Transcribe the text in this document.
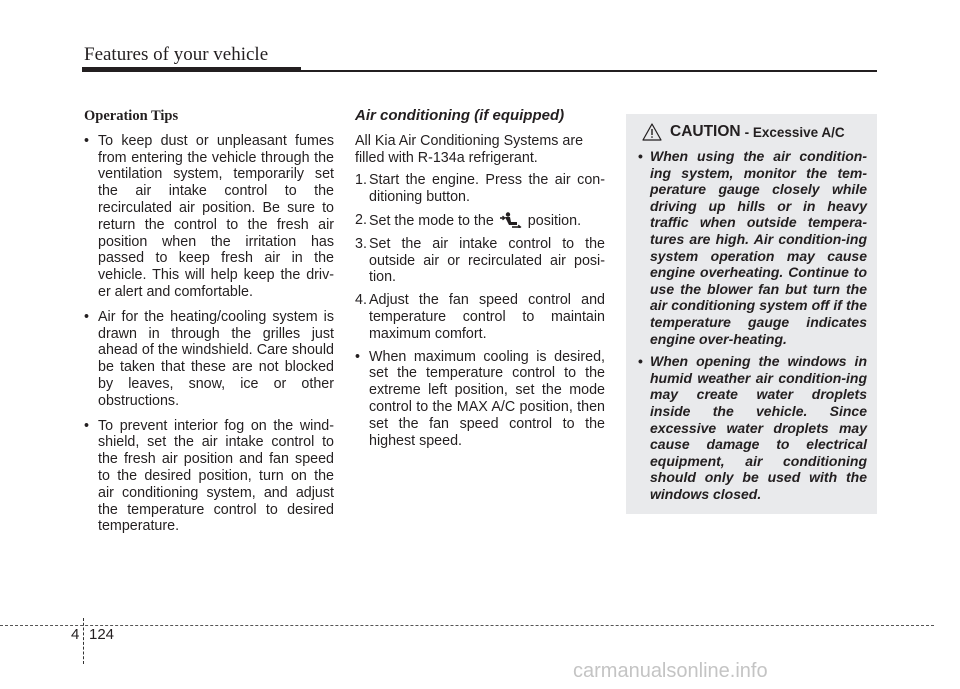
Features of your vehicle
Operation Tips
• To keep dust or unpleasant fumes from entering the vehicle through the ventilation system, temporarily set the air intake control to the recirculated air position. Be sure to return the control to the fresh air position when the irritation has passed to keep fresh air in the vehicle. This will help keep the driv-er alert and comfortable.
• Air for the heating/cooling system is drawn in through the grilles just ahead of the windshield. Care should be taken that these are not blocked by leaves, snow, ice or other obstructions.
• To prevent interior fog on the wind-shield, set the air intake control to the fresh air position and fan speed to the desired position, turn on the air conditioning system, and adjust the temperature control to desired temperature.
Air conditioning (if equipped)

All Kia Air Conditioning Systems are filled with R-134a refrigerant.

1. Start the engine. Press the air con-ditioning button.
2. Set the mode to the position.
3. Set the air intake control to the outside air or recirculated air posi-tion.
4. Adjust the fan speed control and temperature control to maintain maximum comfort.
• When maximum cooling is desired, set the temperature control to the extreme left position, set the mode control to the MAX A/C position, then set the fan speed control to the highest speed.
CAUTION - Excessive A/C
• When using the air condition-ing system, monitor the tem-perature gauge closely while driving up hills or in heavy traffic when outside tempera-tures are high. Air condition-ing system operation may cause engine overheating. Continue to use the blower fan but turn the air conditioning system off if the temperature gauge indicates engine over-heating.
• When opening the windows in humid weather air condition-ing may create water droplets inside the vehicle. Since excessive water droplets may cause damage to electrical equipment, air conditioning should only be used with the windows closed.
4 124
carmanualsonline.info
